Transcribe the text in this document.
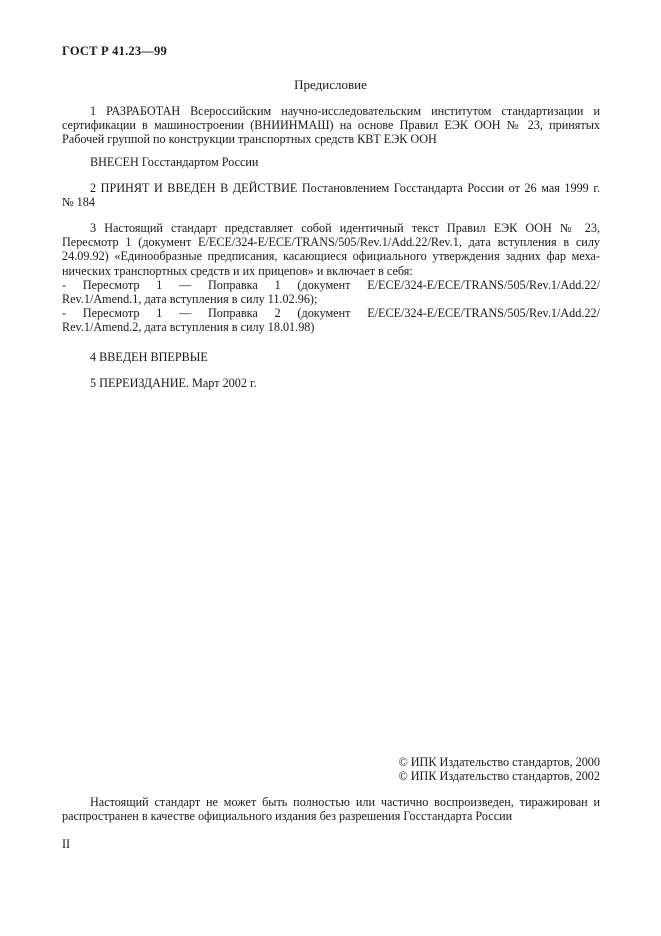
ГОСТ Р 41.23—99
Предисловие
1 РАЗРАБОТАН Всероссийским научно-исследовательским институтом стандартизации и
сертификации в машиностроении (ВНИИНМАШ) на основе Правил ЕЭК ООН № 23, принятых
Рабочей группой по конструкции транспортных средств КВТ ЕЭК ООН
ВНЕСЕН Госстандартом России
2 ПРИНЯТ И ВВЕДЕН В ДЕЙСТВИЕ Постановлением Госстандарта России от 26 мая 1999 г.
№ 184
3 Настоящий стандарт представляет собой идентичный текст Правил ЕЭК ООН № 23,
Пересмотр 1 (документ E/ECE/324-E/ECE/TRANS/505/Rev.1/Add.22/Rev.1, дата вступления в силу
24.09.92) «Единообразные предписания, касающиеся официального утверждения задних фар меха-
нических транспортных средств и их прицепов» и включает в себя:
- Пересмотр 1 — Поправка 1 (документ E/ECE/324-E/ECE/TRANS/505/Rev.1/Add.22/
Rev.1/Amend.1, дата вступления в силу 11.02.96);
- Пересмотр 1 — Поправка 2 (документ E/ECE/324-E/ECE/TRANS/505/Rev.1/Add.22/
Rev.1/Amend.2, дата вступления в силу 18.01.98)
4 ВВЕДЕН ВПЕРВЫЕ
5 ПЕРЕИЗДАНИЕ. Март 2002 г.
© ИПК Издательство стандартов, 2000
© ИПК Издательство стандартов, 2002
Настоящий стандарт не может быть полностью или частично воспроизведен, тиражирован и
распространен в качестве официального издания без разрешения Госстандарта России
II
